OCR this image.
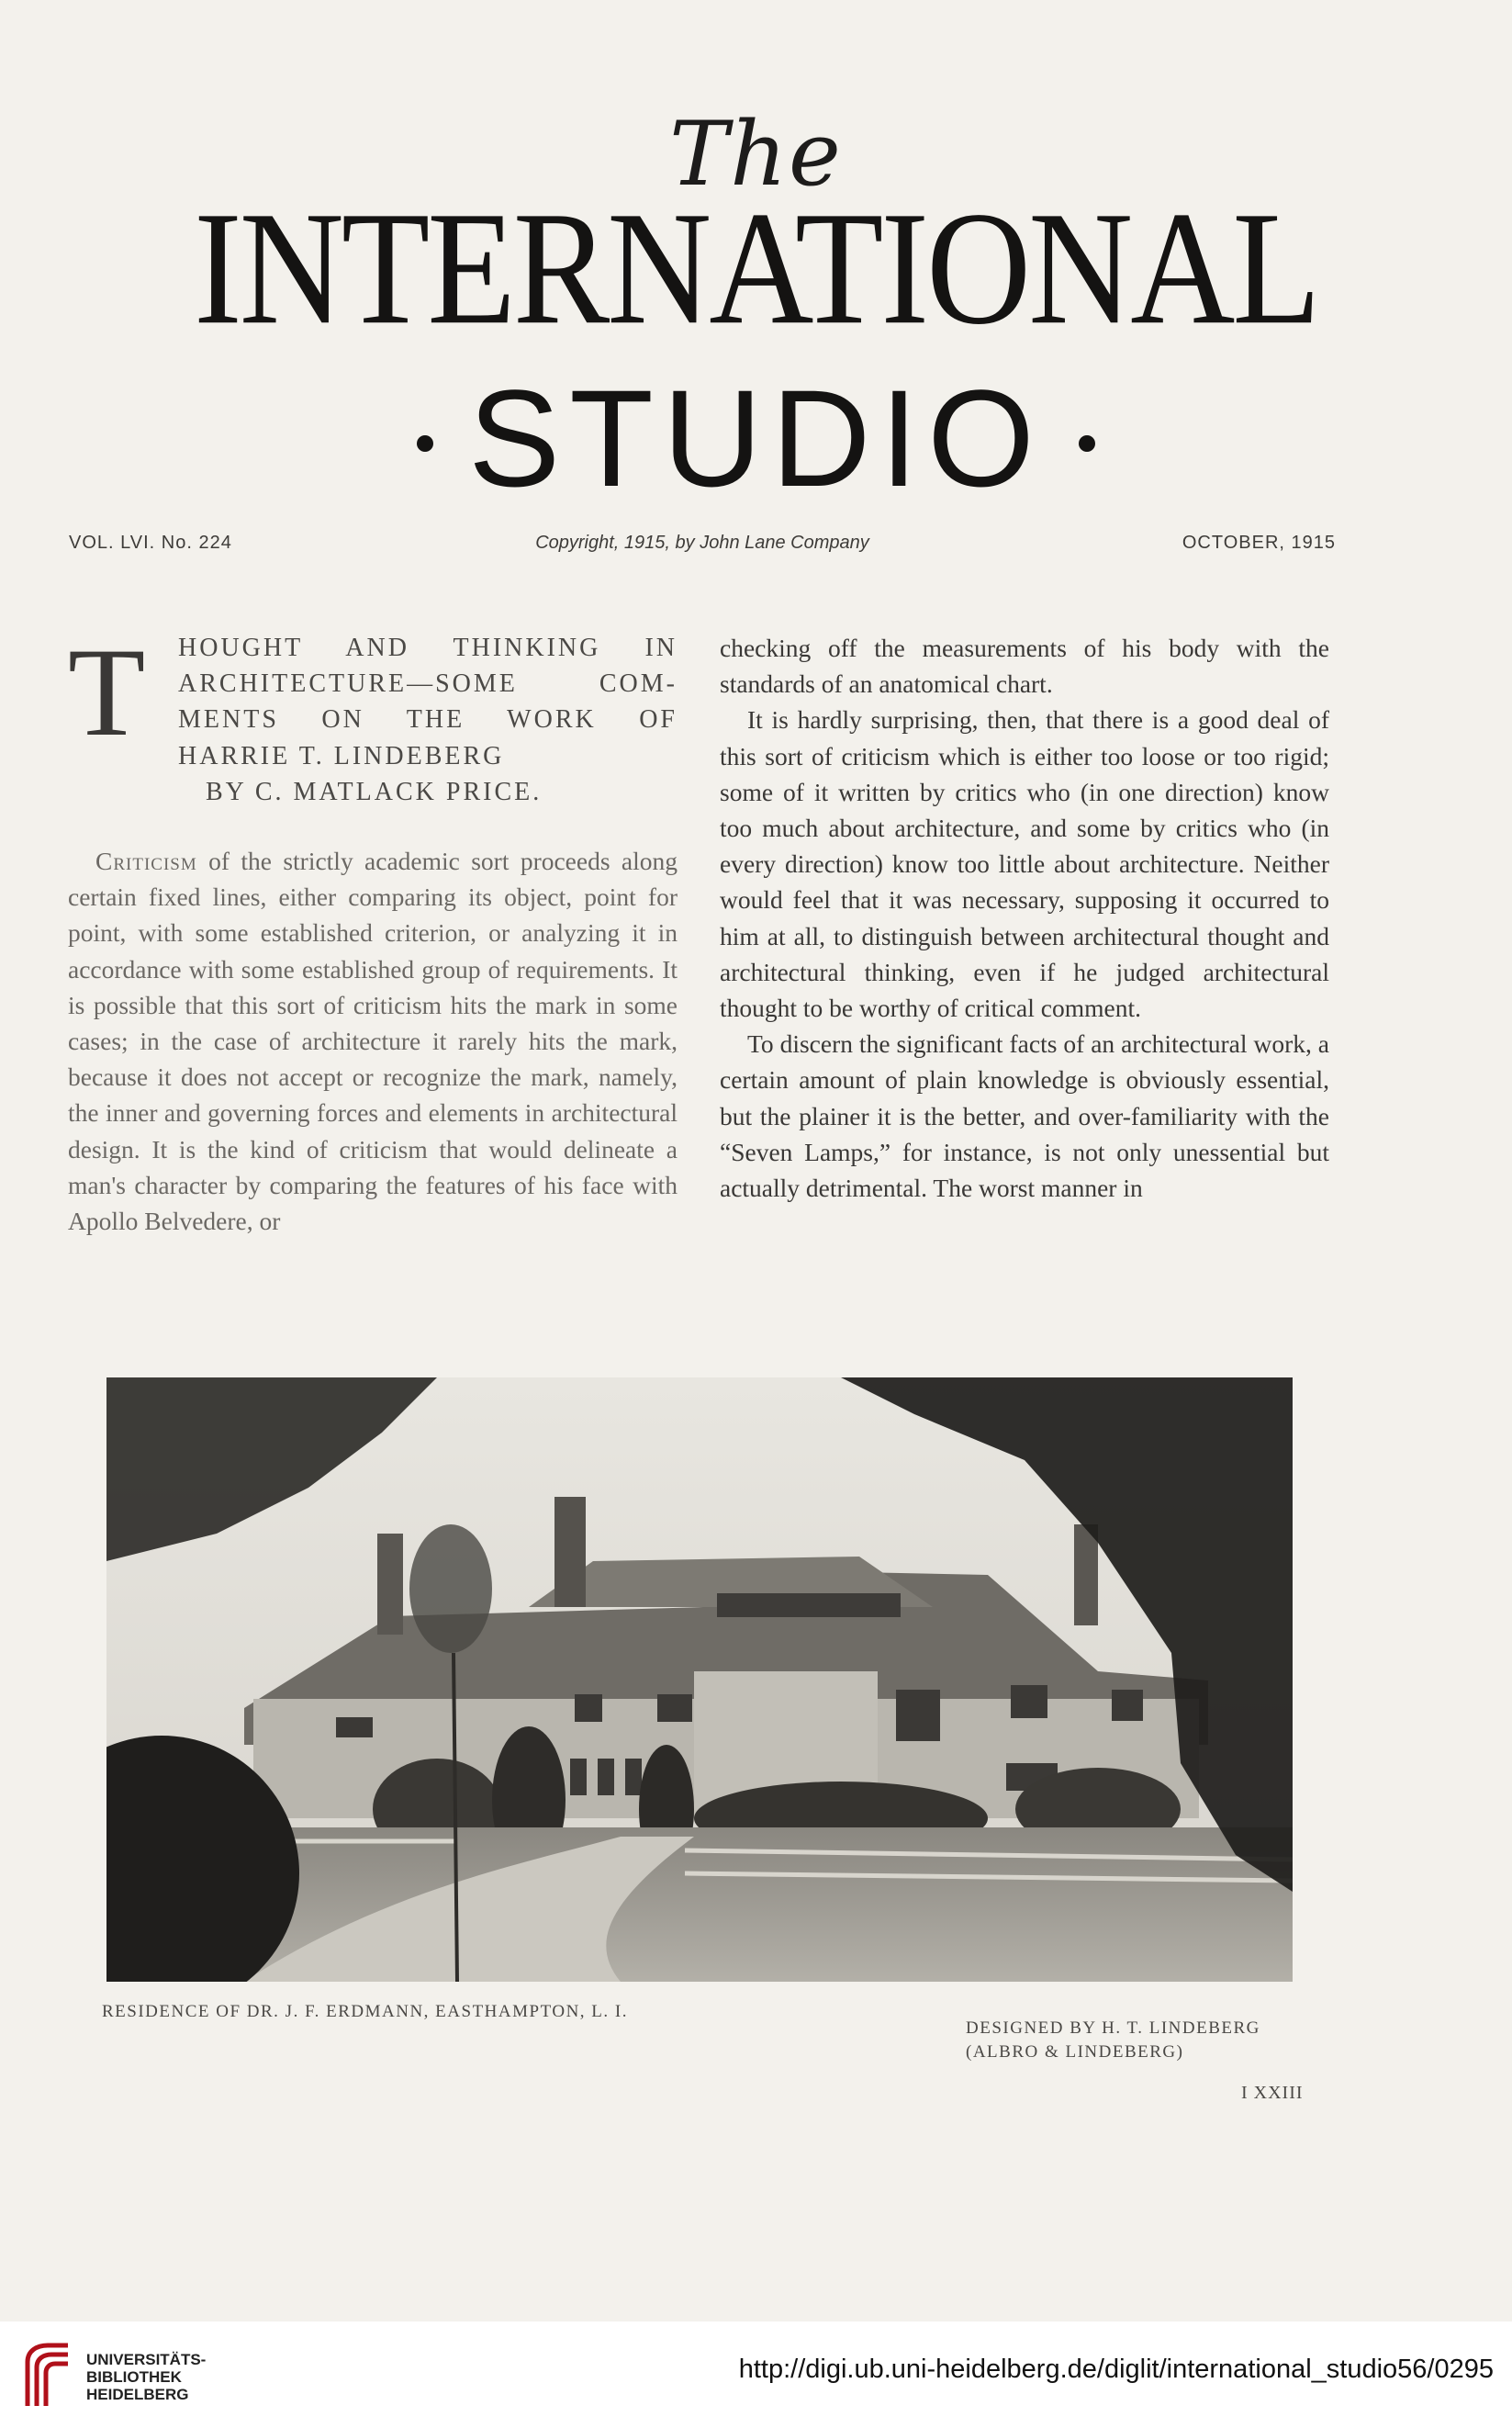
The
INTERNATIONAL
STUDIO
VOL. LVI. No. 224	Copyright, 1915, by John Lane Company	OCTOBER, 1915
T HOUGHT AND THINKING IN
ARCHITECTURE—SOME COM-
MENTS ON THE WORK OF
HARRIE T. LINDEBERG
BY C. MATLACK PRICE.

Criticism of the strictly academic sort proceeds along certain fixed lines, either comparing its object, point for point, with some established criterion, or analyzing it in accordance with some established group of requirements. It is possible that this sort of criticism hits the mark in some cases; in the case of architecture it rarely hits the mark, because it does not accept or recognize the mark, namely, the inner and governing forces and elements in architectural design. It is the kind of criticism that would delineate a man's character by comparing the features of his face with Apollo Belvedere, or

checking off the measurements of his body with the standards of an anatomical chart.

It is hardly surprising, then, that there is a good deal of this sort of criticism which is either too loose or too rigid; some of it written by critics who (in one direction) know too much about architecture, and some by critics who (in every direction) know too little about architecture. Neither would feel that it was necessary, supposing it occurred to him at all, to distinguish between architectural thought and architectural thinking, even if he judged architectural thought to be worthy of critical comment.

To discern the significant facts of an architectural work, a certain amount of plain knowledge is obviously essential, but the plainer it is the better, and over-familiarity with the “Seven Lamps,” for instance, is not only unessential but actually detrimental. The worst manner in

RESIDENCE OF DR. J. F. ERDMANN, EASTHAMPTON, L. I.
DESIGNED BY H. T. LINDEBERG
(ALBRO & LINDEBERG)
I XXIII
UNIVERSITÄTS-
BIBLIOTHEK
HEIDELBERG
http://digi.ub.uni-heidelberg.de/diglit/international_studio56/0295
